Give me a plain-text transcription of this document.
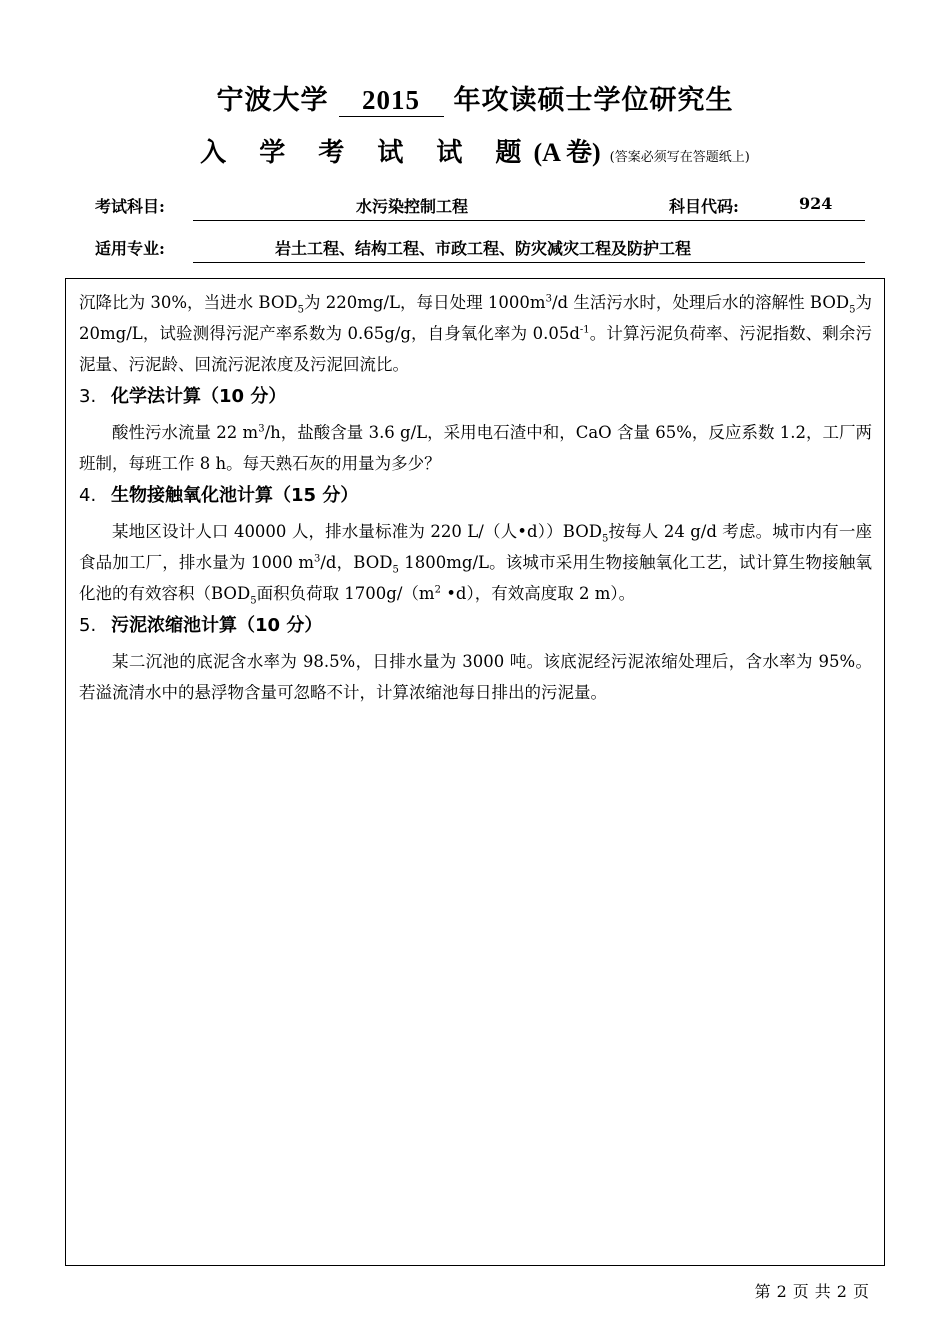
宁波大学 2015 年攻读硕士学位研究生
入 学 考 试 试 题(A 卷) (答案必须写在答题纸上)
考试科目:	水污染控制工程	科目代码:	924
适用专业:	岩土工程、结构工程、市政工程、防灾减灾工程及防护工程

沉降比为 30%，当进水 $BOD_5$为 220mg/L，每日处理 $1000m^3/d$ 生活污水时，处理后水的溶解性 $BOD_5$为 20mg/L，试验测得污泥产率系数为 0.65g/g，自身氧化率为 $0.05d^{-1}$。计算污泥负荷率、污泥指数、剩余污泥量、污泥龄、回流污泥浓度及污泥回流比。

3. 化学法计算（10 分）

酸性污水流量 22 $m^3/h$，盐酸含量 3.6 g/L，采用电石渣中和，CaO 含量 65%，反应系数 1.2，工厂两班制，每班工作 8 h。每天熟石灰的用量为多少？

4. 生物接触氧化池计算（15 分）

某地区设计人口 40000 人，排水量标准为 220 L/（人$•d))BOD_5$按每人 24 g/d 考虑。城市内有一座食品加工厂，排水量为 1000 $m^3/d$，$BOD_5$ 1800mg/L。该城市采用生物接触氧化工艺，试计算生物接触氧化池的有效容积（$BOD_5$面积负荷取 $1700g/(m^2$ •d），有效高度取 2 m）。

5. 污泥浓缩池计算（10 分）

某二沉池的底泥含水率为 98.5%，日排水量为 3000 吨。该底泥经污泥浓缩处理后，含水率为 95%。若溢流清水中的悬浮物含量可忽略不计，计算浓缩池每日排出的污泥量。

第 2 页 共 2 页
